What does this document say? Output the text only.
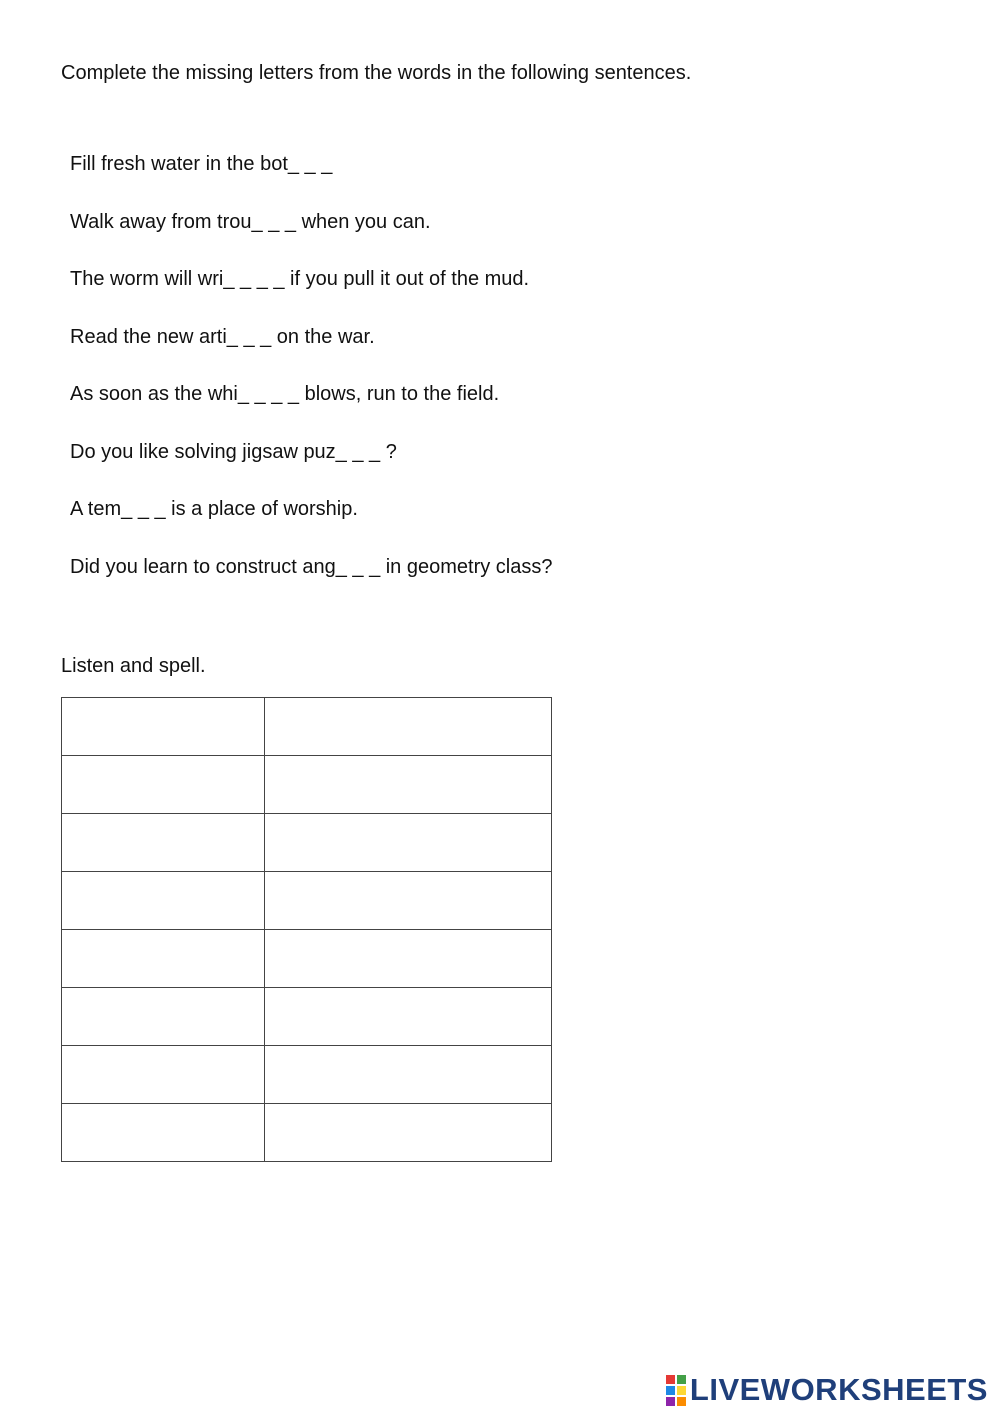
Complete the missing letters from the words in the following sentences.
Fill fresh water in the bot_ _ _
Walk away from trou_ _ _ when you can.
The worm will wri_ _ _ _ if you pull it out of the mud.
Read the new arti_ _ _ on the war.
As soon as the whi_ _ _ _ blows, run to the field.
Do you like solving jigsaw puz_ _ _ ?
A tem_ _ _ is a place of worship.
Did you learn to construct ang_ _ _ in geometry class?
Listen and spell.

LIVEWORKSHEETS
